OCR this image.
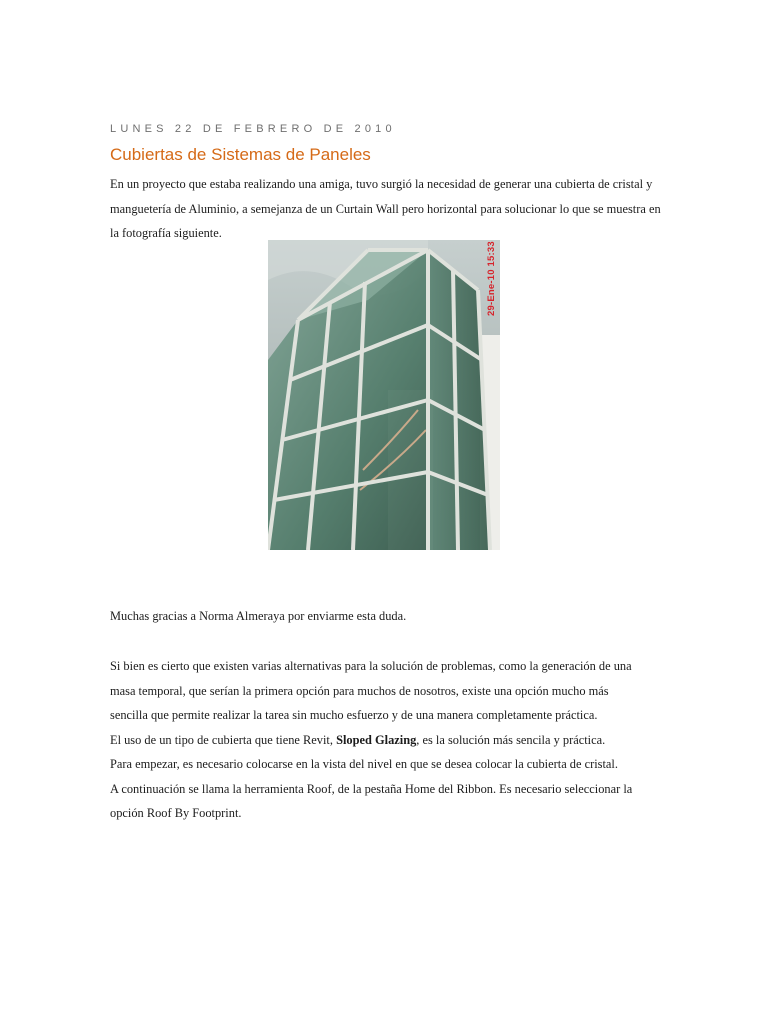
LUNES 22 DE FEBRERO DE 2010
Cubiertas de Sistemas de Paneles

En un proyecto que estaba realizando una amiga, tuvo surgió la necesidad de generar una cubierta de cristal y manguetería de Aluminio, a semejanza de un Curtain Wall pero horizontal para solucionar lo que se muestra en la fotografía siguiente.

29-Ene-10 15:33

Muchas gracias a Norma Almeraya por enviarme esta duda.

Si bien es cierto que existen varias alternativas para la solución de problemas, como la generación de una
masa temporal, que serían la primera opción para muchos de nosotros, existe una opción mucho más
sencilla que permite realizar la tarea sin mucho esfuerzo y de una manera completamente práctica.
El uso de un tipo de cubierta que tiene Revit, Sloped Glazing, es la solución más sencila y práctica.
Para empezar, es necesario colocarse en la vista del nivel en que se desea colocar la cubierta de cristal.
A continuación se llama la herramienta Roof, de la pestaña Home del Ribbon. Es necesario seleccionar la
opción Roof By Footprint.
